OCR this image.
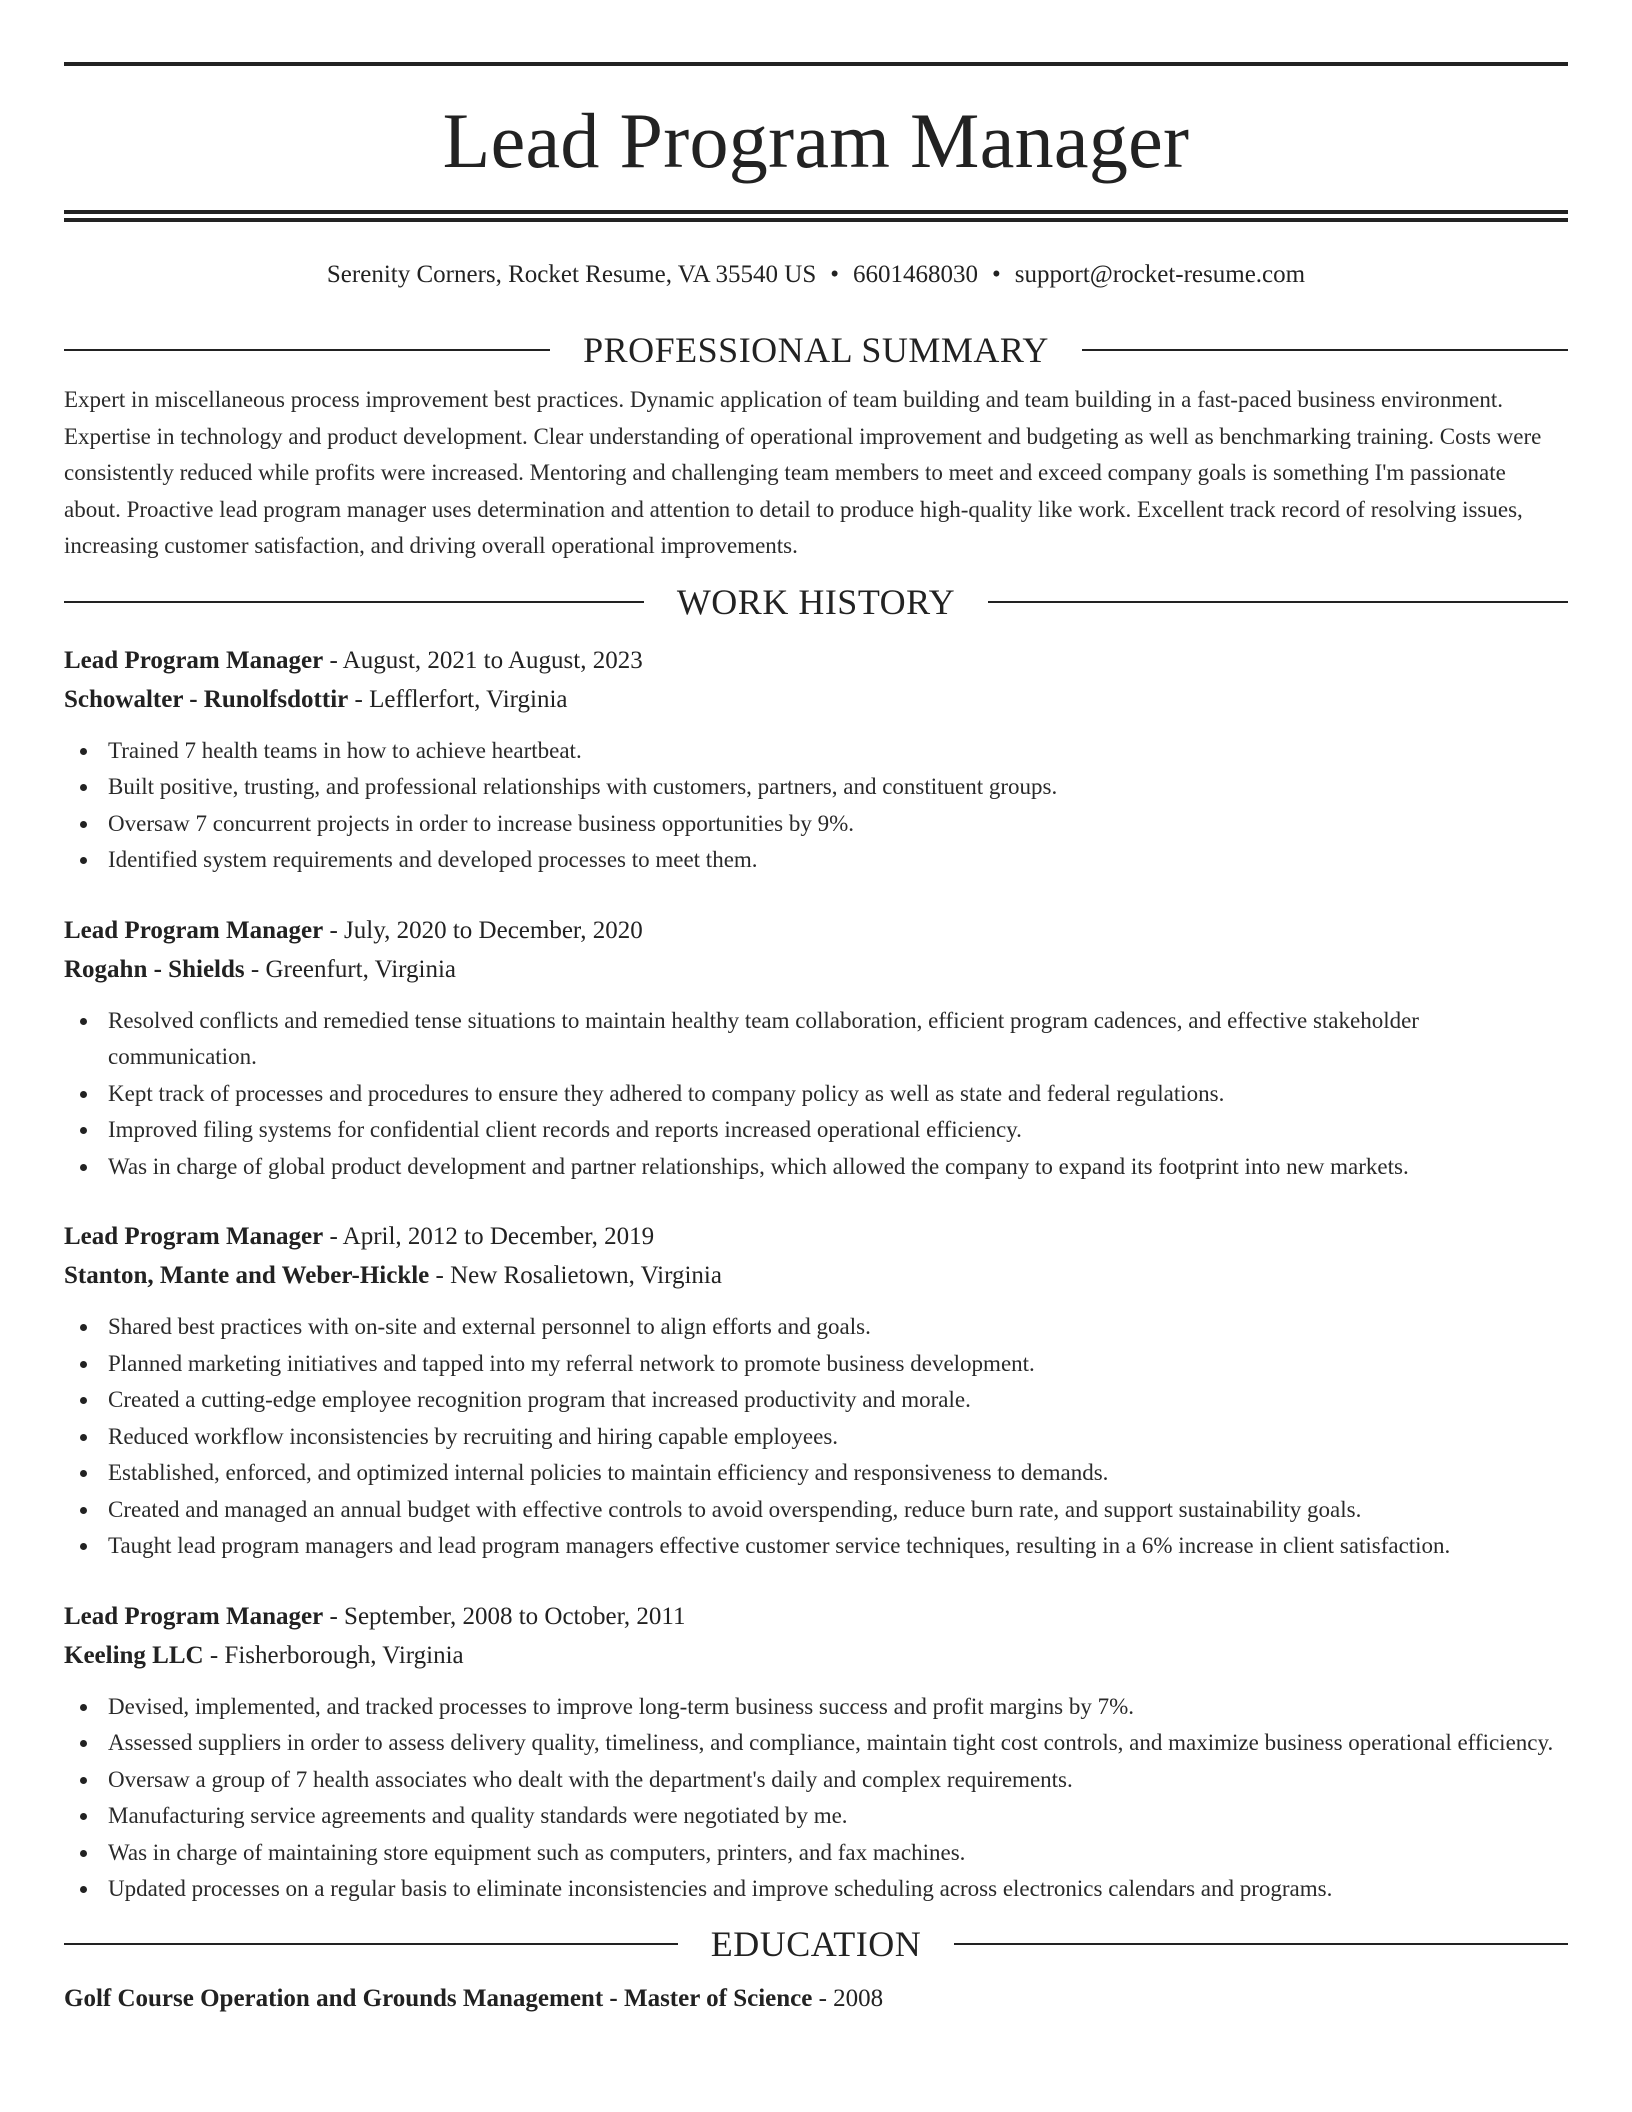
Lead Program Manager
Serenity Corners, Rocket Resume, VA 35540 US • 6601468030 • support@rocket-resume.com
PROFESSIONAL SUMMARY

Expert in miscellaneous process improvement best practices. Dynamic application of team building and team building in a fast-paced business environment. Expertise in technology and product development. Clear understanding of operational improvement and budgeting as well as benchmarking training. Costs were consistently reduced while profits were increased. Mentoring and challenging team members to meet and exceed company goals is something I'm passionate about. Proactive lead program manager uses determination and attention to detail to produce high-quality like work. Excellent track record of resolving issues, increasing customer satisfaction, and driving overall operational improvements.

WORK HISTORY
Lead Program Manager - August, 2021 to August, 2023
Schowalter - Runolfsdottir - Lefflerfort, Virginia
Trained 7 health teams in how to achieve heartbeat.
Built positive, trusting, and professional relationships with customers, partners, and constituent groups.
Oversaw 7 concurrent projects in order to increase business opportunities by 9%.
Identified system requirements and developed processes to meet them.
Lead Program Manager - July, 2020 to December, 2020
Rogahn - Shields - Greenfurt, Virginia
Resolved conflicts and remedied tense situations to maintain healthy team collaboration, efficient program cadences, and effective stakeholder communication.
Kept track of processes and procedures to ensure they adhered to company policy as well as state and federal regulations.
Improved filing systems for confidential client records and reports increased operational efficiency.
Was in charge of global product development and partner relationships, which allowed the company to expand its footprint into new markets.
Lead Program Manager - April, 2012 to December, 2019
Stanton, Mante and Weber-Hickle - New Rosalietown, Virginia
Shared best practices with on-site and external personnel to align efforts and goals.
Planned marketing initiatives and tapped into my referral network to promote business development.
Created a cutting-edge employee recognition program that increased productivity and morale.
Reduced workflow inconsistencies by recruiting and hiring capable employees.
Established, enforced, and optimized internal policies to maintain efficiency and responsiveness to demands.
Created and managed an annual budget with effective controls to avoid overspending, reduce burn rate, and support sustainability goals.
Taught lead program managers and lead program managers effective customer service techniques, resulting in a 6% increase in client satisfaction.
Lead Program Manager - September, 2008 to October, 2011
Keeling LLC - Fisherborough, Virginia
Devised, implemented, and tracked processes to improve long-term business success and profit margins by 7%.
Assessed suppliers in order to assess delivery quality, timeliness, and compliance, maintain tight cost controls, and maximize business operational efficiency.
Oversaw a group of 7 health associates who dealt with the department's daily and complex requirements.
Manufacturing service agreements and quality standards were negotiated by me.
Was in charge of maintaining store equipment such as computers, printers, and fax machines.
Updated processes on a regular basis to eliminate inconsistencies and improve scheduling across electronics calendars and programs.
EDUCATION
Golf Course Operation and Grounds Management - Master of Science - 2008
